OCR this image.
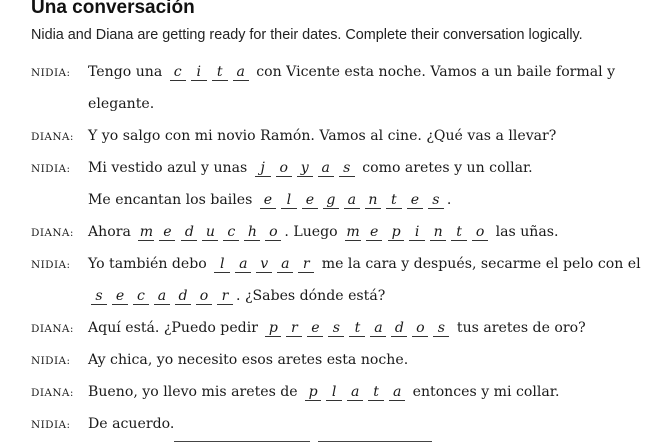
Una conversación
Nidia and Diana are getting ready for their dates. Complete their conversation logically.
NIDIA: Tengo una c i t a con Vicente esta noche. Vamos a un baile formal y
elegante.
DIANA: Y yo salgo con mi novio Ramón. Vamos al cine. ¿Qué vas a llevar?
NIDIA: Mi vestido azul y unas j o y a s como aretes y un collar.
Me encantan los bailes e l e g a n t e s .
DIANA: Ahora m e d u c h o . Luego m e p i n t o las uñas.
NIDIA: Yo también debo l a v a r me la cara y después, secarme el pelo con el
s e c a d o r . ¿Sabes dónde está?
DIANA: Aquí está. ¿Puedo pedir p r e s t a d o s tus aretes de oro?
NIDIA: Ay chica, yo necesito esos aretes esta noche.
DIANA: Bueno, yo llevo mis aretes de p l a t a entonces y mi collar.
NIDIA: De acuerdo.
